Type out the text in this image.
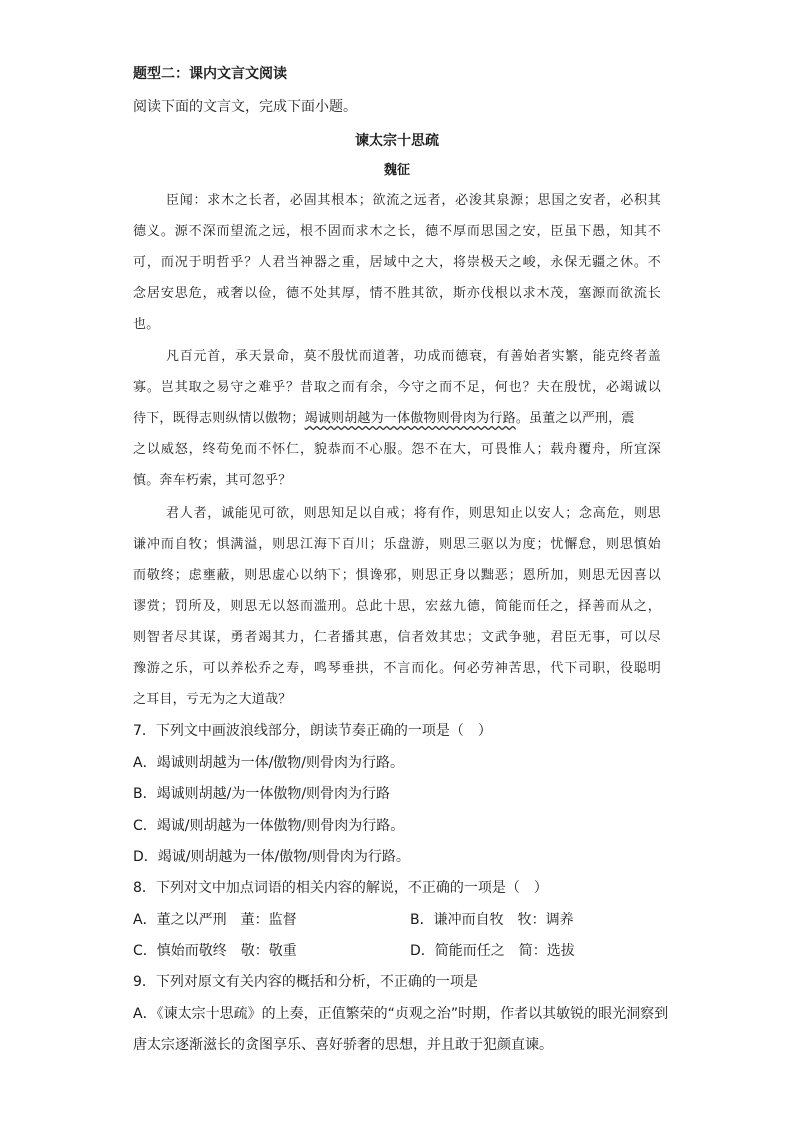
题型二：课内文言文阅读
阅读下面的文言文，完成下面小题。
谏太宗十思疏
魏征
臣闻：求木之长者，必固其根本；欲流之远者，必浚其泉源；思国之安者，必积其
德义。源不深而望流之远，根不固而求木之长，德不厚而思国之安，臣虽下愚，知其不
可，而况于明哲乎？人君当神器之重，居域中之大，将崇极天之峻，永保无疆之休。不
念居安思危，戒奢以俭，德不处其厚，情不胜其欲，斯亦伐根以求木茂，塞源而欲流长
也。
凡百元首，承天景命，莫不殷忧而道著，功成而德衰，有善始者实繁，能克终者盖
寡。岂其取之易守之难乎？昔取之而有余，今守之而不足，何也？夫在殷忧，必竭诚以
待下，既得志则纵情以傲物；竭诚则胡越为一体傲物则骨肉为行路。虽董之以严刑，震
之以威怒，终苟免而不怀仁，貌恭而不心服。怨不在大，可畏惟人；载舟覆舟，所宜深
慎。奔车朽索，其可忽乎？
君人者，诚能见可欲，则思知足以自戒；将有作，则思知止以安人；念高危，则思
谦冲而自牧；惧满溢，则思江海下百川；乐盘游，则思三驱以为度；忧懈怠，则思慎始
而敬终；虑壅蔽，则思虚心以纳下；惧谗邪，则思正身以黜恶；恩所加，则思无因喜以
谬赏；罚所及，则思无以怒而滥刑。总此十思，宏兹九德，简能而任之，择善而从之，
则智者尽其谋，勇者竭其力，仁者播其惠，信者效其忠；文武争驰，君臣无事，可以尽
豫游之乐，可以养松乔之寿，鸣琴垂拱，不言而化。何必劳神苦思，代下司职，役聪明
之耳目，亏无为之大道哉？
7．下列文中画波浪线部分，朗读节奏正确的一项是（　）
A．竭诚则胡越为一体/傲物/则骨肉为行路。
B．竭诚则胡越/为一体傲物/则骨肉为行路
C．竭诚/则胡越为一体傲物/则骨肉为行路。
D．竭诚/则胡越为一体/傲物/则骨肉为行路。
8．下列对文中加点词语的相关内容的解说，不正确的一项是（　）
A．董之以严刑　董：监督	B．谦冲而自牧　牧：调养
C．慎始而敬终　敬：敬重	D．简能而任之　简：选拔
9．下列对原文有关内容的概括和分析，不正确的一项是
A．《谏太宗十思疏》的上奏，正值繁荣的“贞观之治”时期，作者以其敏锐的眼光洞察到
唐太宗逐渐滋长的贪图享乐、喜好骄奢的思想，并且敢于犯颜直谏。
